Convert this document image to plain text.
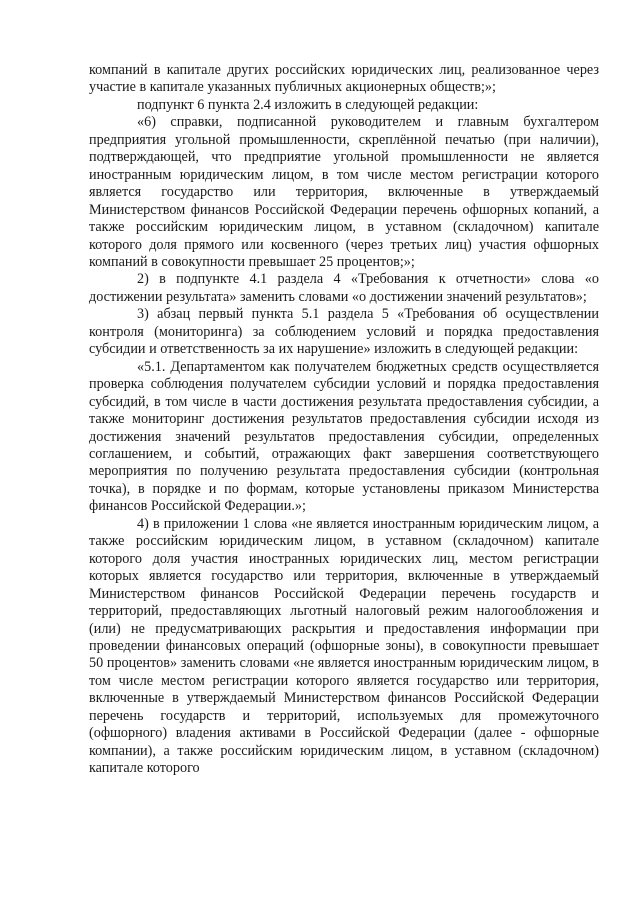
компаний в капитале других российских юридических лиц, реализованное через участие в капитале указанных публичных акционерных обществ;»;

подпункт 6 пункта 2.4 изложить в следующей редакции:

«6) справки, подписанной руководителем и главным бухгалтером предприятия угольной промышленности, скреплённой печатью (при наличии), подтверждающей, что предприятие угольной промышленности не является иностранным юридическим лицом, в том числе местом регистрации которого является государство или территория, включенные в утверждаемый Министерством финансов Российской Федерации перечень офшорных копаний, а также российским юридическим лицом, в уставном (складочном) капитале которого доля прямого или косвенного (через третьих лиц) участия офшорных компаний в совокупности превышает 25 процентов;»;

2) в подпункте 4.1 раздела 4 «Требования к отчетности» слова «о достижении результата» заменить словами «о достижении значений результатов»;

3) абзац первый пункта 5.1 раздела 5 «Требования об осуществлении контроля (мониторинга) за соблюдением условий и порядка предоставления субсидии и ответственность за их нарушение» изложить в следующей редакции:

«5.1. Департаментом как получателем бюджетных средств осуществляется проверка соблюдения получателем субсидии условий и порядка предоставления субсидий, в том числе в части достижения результата предоставления субсидии, а также мониторинг достижения результатов предоставления субсидии исходя из достижения значений результатов предоставления субсидии, определенных соглашением, и событий, отражающих факт завершения соответствующего мероприятия по получению результата предоставления субсидии (контрольная точка), в порядке и по формам, которые установлены приказом Министерства финансов Российской Федерации.»;

4) в приложении 1 слова «не является иностранным юридическим лицом, а также российским юридическим лицом, в уставном (складочном) капитале которого доля участия иностранных юридических лиц, местом регистрации которых является государство или территория, включенные в утверждаемый Министерством финансов Российской Федерации перечень государств и территорий, предоставляющих льготный налоговый режим налогообложения и (или) не предусматривающих раскрытия и предоставления информации при проведении финансовых операций (офшорные зоны), в совокупности превышает 50 процентов» заменить словами «не является иностранным юридическим лицом, в том числе местом регистрации которого является государство или территория, включенные в утверждаемый Министерством финансов Российской Федерации перечень государств и территорий, используемых для промежуточного (офшорного) владения активами в Российской Федерации (далее - офшорные компании), а также российским юридическим лицом, в уставном (складочном) капитале которого
